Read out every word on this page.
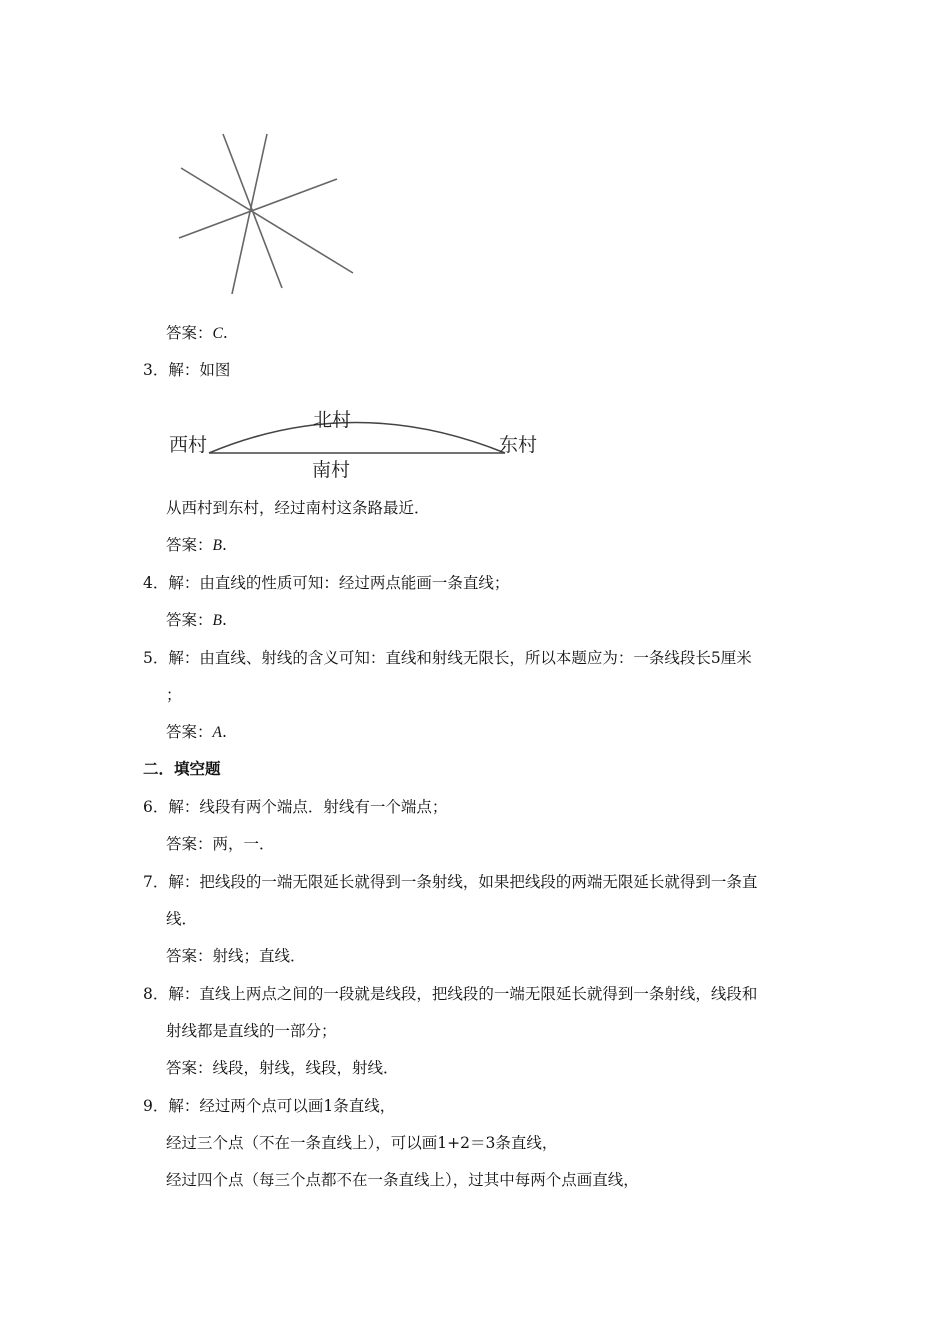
答案：C.
3．解：如图
西村
北村
东村
南村
从西村到东村，经过南村这条路最近．
答案：B.
4．解：由直线的性质可知：经过两点能画一条直线；
答案：B.
5．解：由直线、射线的含义可知：直线和射线无限长，所以本题应为：一条线段长5厘米
；
答案：A.
二．填空题
6．解：线段有两个端点．射线有一个端点；
答案：两，一．
7．解：把线段的一端无限延长就得到一条射线，如果把线段的两端无限延长就得到一条直
线．
答案：射线；直线．
8．解：直线上两点之间的一段就是线段，把线段的一端无限延长就得到一条射线，线段和
射线都是直线的一部分；
答案：线段，射线，线段，射线．
9．解：经过两个点可以画1条直线，
经过三个点（不在一条直线上），可以画1+2＝3条直线，
经过四个点（每三个点都不在一条直线上），过其中每两个点画直线，
